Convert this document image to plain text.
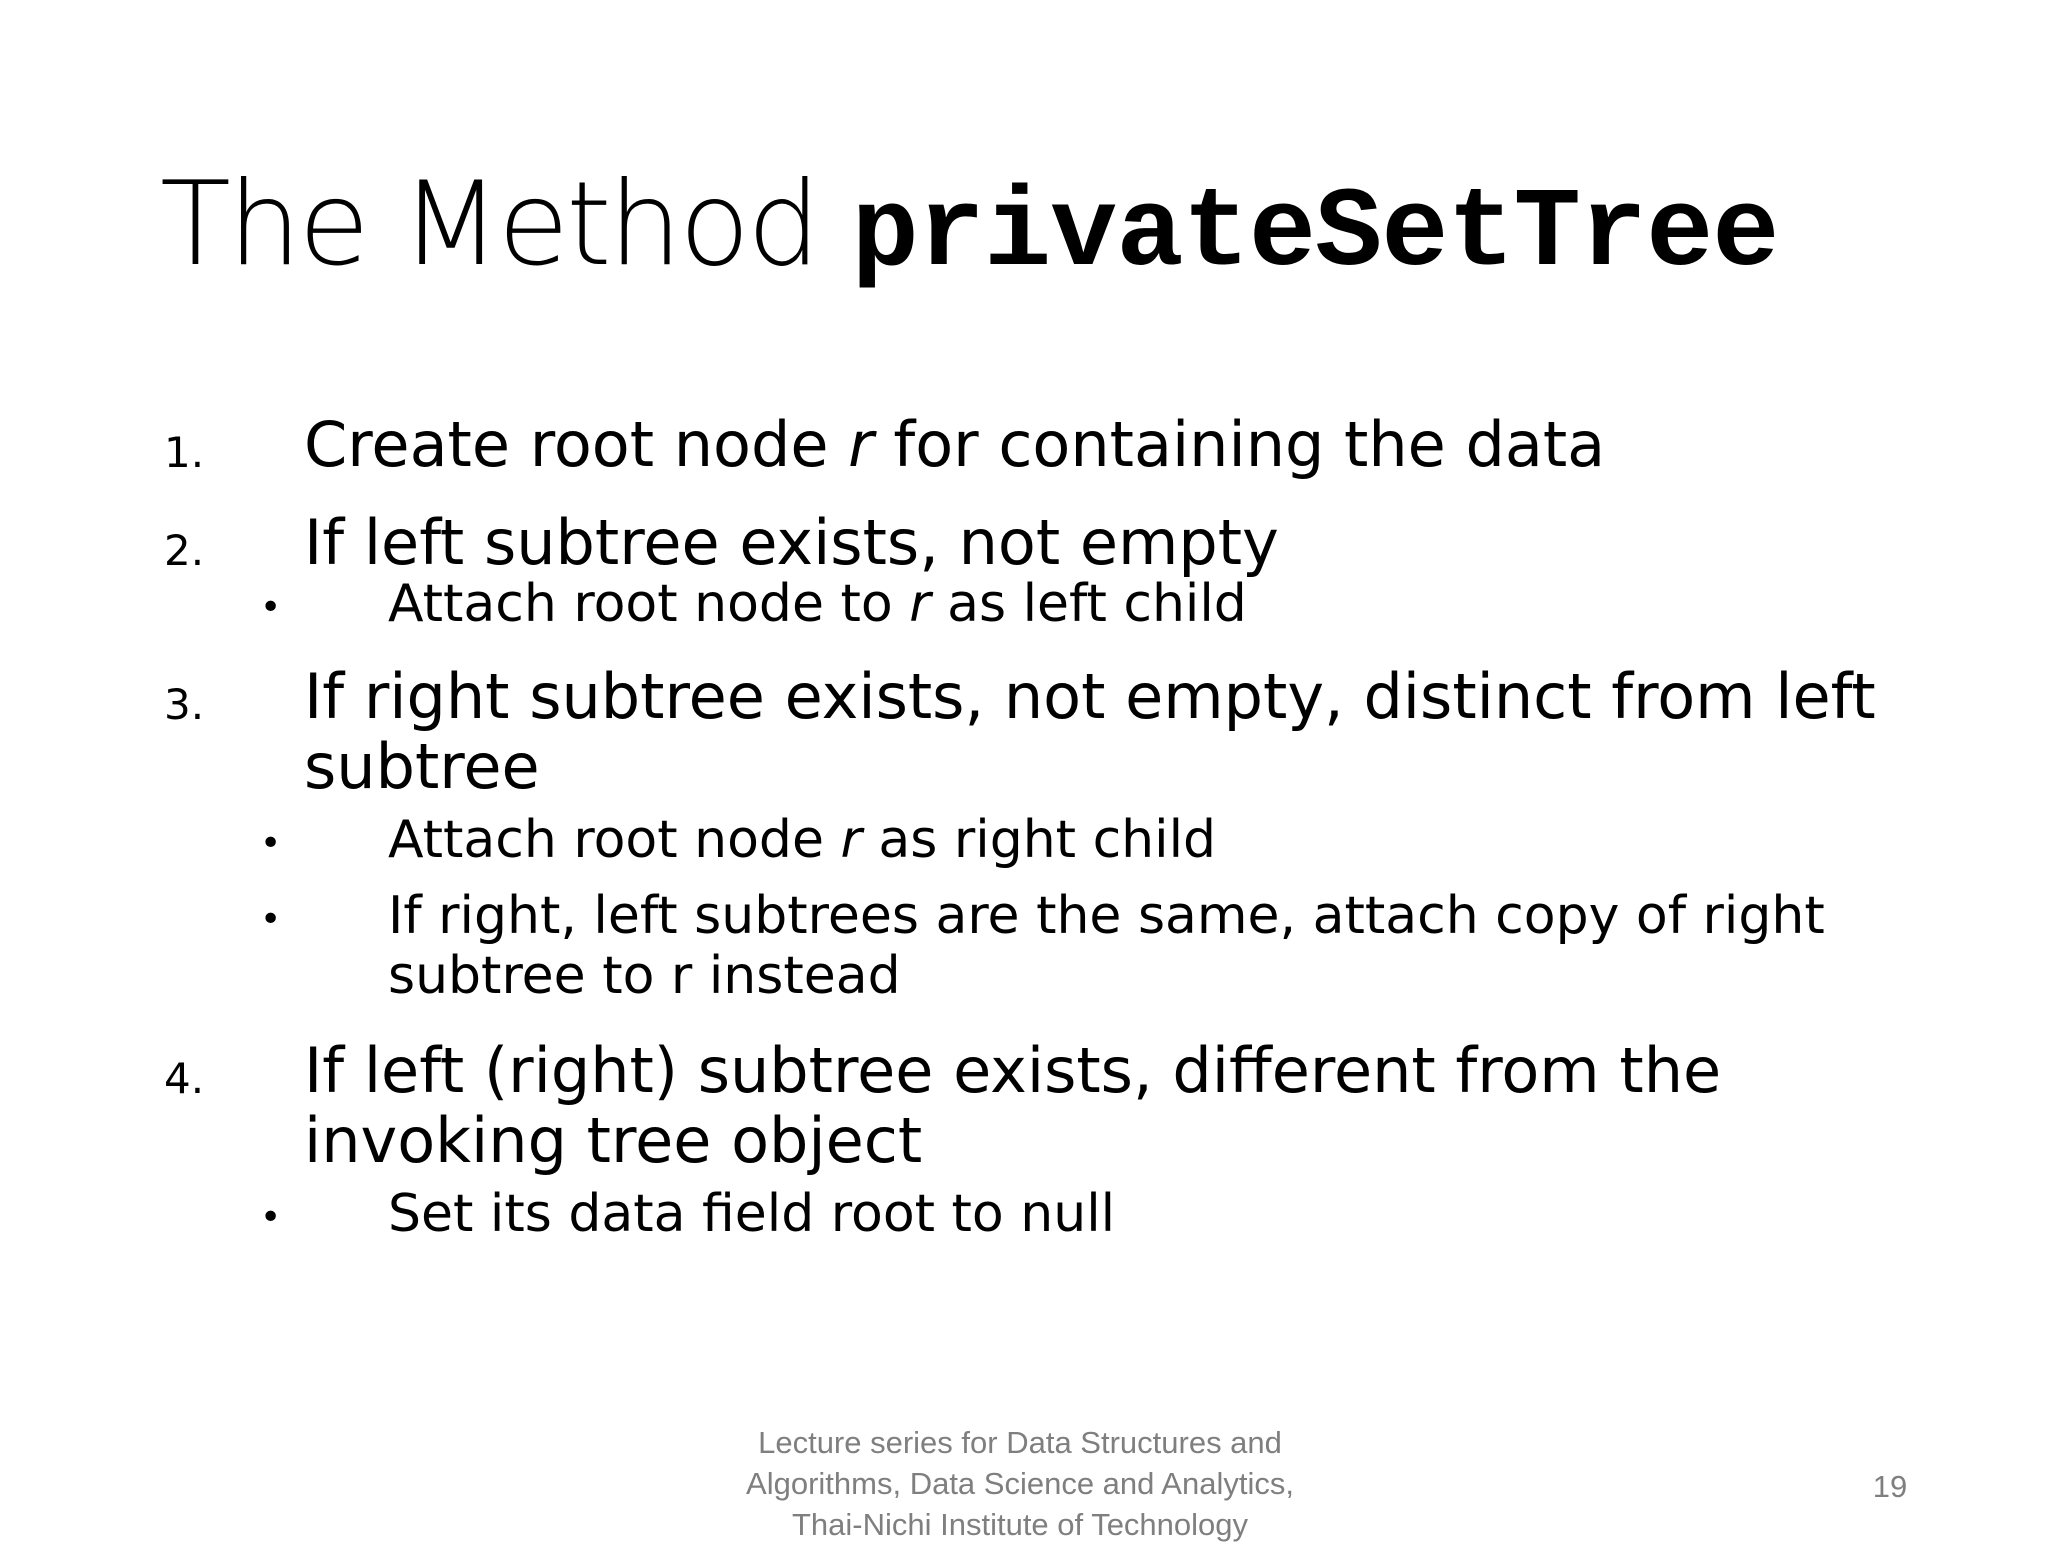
The Method privateSetTree
1. Create root node r for containing the data
2. If left subtree exists, not empty
• Attach root node to r as left child
3. If right subtree exists, not empty, distinct from left
subtree
• Attach root node r as right child
• If right, left subtrees are the same, attach copy of right
subtree to r instead
4. If left (right) subtree exists, different from the
invoking tree object
• Set its data field root to null
Lecture series for Data Structures and
Algorithms, Data Science and Analytics,
Thai-Nichi Institute of Technology
19
